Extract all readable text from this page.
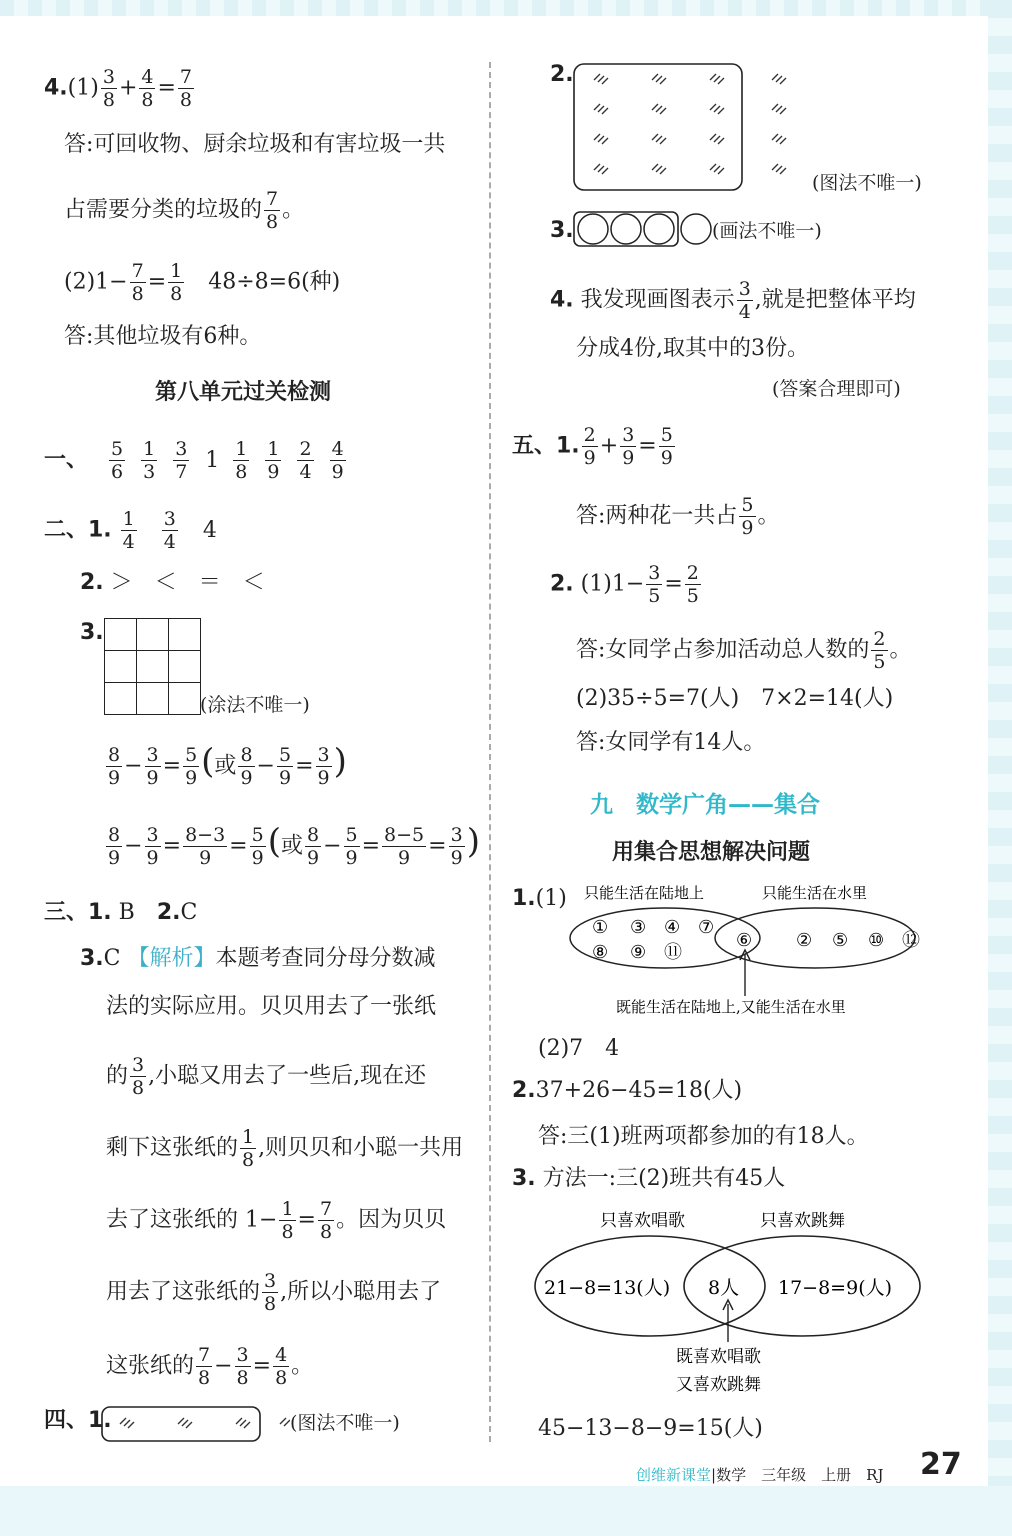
$4.(1) \frac{3}{8} + \frac{4}{8} = \frac{7}{8}$
答:可回收物、厨余垃圾和有害垃圾一共
占需要分类的垃圾的 $\frac{7}{8}$ 。
$(2)1- \frac{7}{8} = \frac{1}{8}$
　 48÷8=6(种)
答:其他垃圾有6种。
第八单元过关检测
一、 $\frac{5}{6} \frac{1}{3} \frac{3}{7} 1 \frac{1}{8} \frac{1}{9} \frac{2}{4} \frac{4}{9}$
二、1. $\frac{1}{4}$
$\frac{3}{4} 4$
2. ＞　＜　＝　＜
3.

(涂法不唯一)
$\frac{8}{9} - \frac{3}{9} = \frac{5}{9}$ (或 $\frac{8}{9} - \frac{5}{9} = \frac{3}{9}$ )
$\frac{8}{9} - \frac{3}{9} = \frac{8-3}{9} = \frac{5}{9}$ (或 $\frac{8}{9} - \frac{5}{9} = \frac{8-5}{9} = \frac{3}{9}$ )
三、1. B　 2.C
3.C 【解析】本题考查同分母分数减
法的实际应用。贝贝用去了一张纸
的 $\frac{3}{8}$ ,小聪又用去了一些后,现在还
剩下这张纸的 $\frac{1}{8}$ ,则贝贝和小聪一共用
去了这张纸的 $1- \frac{1}{8} = \frac{7}{8}$ 。因为贝贝
用去了这张纸的 $\frac{3}{8}$ ,所以小聪用去了
这张纸的 $\frac{7}{8} - \frac{3}{8} = \frac{4}{8}$ 。
四、1.	(图法不唯一)
2.
(图法不唯一)
3.	(画法不唯一)
4. 我发现画图表示 $\frac{3}{4}$ ,就是把整体平均
分成4份,取其中的3份。
(答案合理即可)
五、1. $\frac{2}{9} + \frac{3}{9} = \frac{5}{9}$
答:两种花一共占 $\frac{5}{9}$ 。
2. $(1)1- \frac{3}{5} = \frac{2}{5}$
答:女同学占参加活动总人数的 $\frac{2}{5}$ 。
(2)35÷5=7(人)　7×2=14(人)
答:女同学有14人。
九　数学广角——集合
用集合思想解决问题
1.(1) 只能生活在陆地上	只能生活在水里
① ③ ④ ⑦
⑧ ⑨ ⑪
⑥ ② ⑤ ⑩ ⑫
既能生活在陆地上,又能生活在水里
(2)7　4
2.37+26−45=18(人)
答:三(1)班两项都参加的有18人。
3. 方法一:三(2)班共有45人
只喜欢唱歌	只喜欢跳舞
21−8=13(人) 8人 17−8=9(人)
既喜欢唱歌
又喜欢跳舞
45−13−8−9=15(人)
创维新课堂|数学　 三年级　 上册　 RJ 27
